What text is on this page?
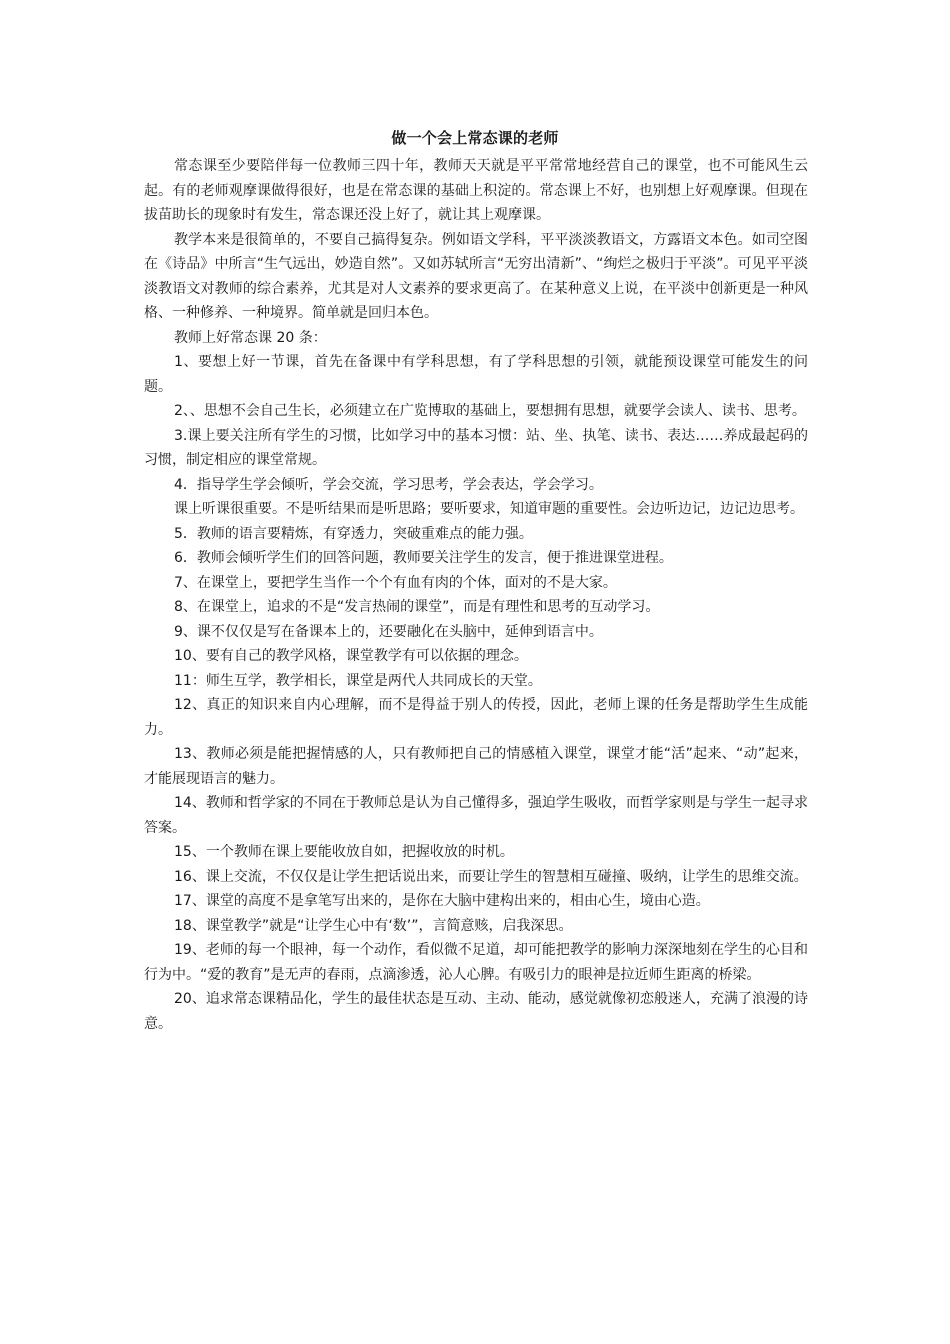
做一个会上常态课的老师

常态课至少要陪伴每一位教师三四十年，教师天天就是平平常常地经营自己的课堂，也不可能风生云起。有的老师观摩课做得很好，也是在常态课的基础上积淀的。常态课上不好，也别想上好观摩课。但现在拔苗助长的现象时有发生，常态课还没上好了，就让其上观摩课。

教学本来是很简单的，不要自己搞得复杂。例如语文学科，平平淡淡教语文，方露语文本色。如司空图在《诗品》中所言“生气远出，妙造自然”。又如苏轼所言“无穷出清新”、“绚烂之极归于平淡”。可见平平淡淡教语文对教师的综合素养，尤其是对人文素养的要求更高了。在某种意义上说，在平淡中创新更是一种风格、一种修养、一种境界。简单就是回归本色。

教师上好常态课 20 条：

1、要想上好一节课，首先在备课中有学科思想，有了学科思想的引领，就能预设课堂可能发生的问题。

2、、思想不会自己生长，必须建立在广览博取的基础上，要想拥有思想，就要学会读人、读书、思考。

3.课上要关注所有学生的习惯，比如学习中的基本习惯：站、坐、执笔、读书、表达……养成最起码的习惯，制定相应的课堂常规。

4．指导学生学会倾听，学会交流，学习思考，学会表达，学会学习。

课上听课很重要。不是听结果而是听思路；要听要求，知道审题的重要性。会边听边记，边记边思考。

5．教师的语言要精炼，有穿透力，突破重难点的能力强。

6．教师会倾听学生们的回答问题，教师要关注学生的发言，便于推进课堂进程。

7、在课堂上，要把学生当作一个个有血有肉的个体，面对的不是大家。

8、在课堂上，追求的不是“发言热闹的课堂”，而是有理性和思考的互动学习。

9、课不仅仅是写在备课本上的，还要融化在头脑中，延伸到语言中。

10、要有自己的教学风格，课堂教学有可以依据的理念。

11：师生互学，教学相长，课堂是两代人共同成长的天堂。

12、真正的知识来自内心理解，而不是得益于别人的传授，因此，老师上课的任务是帮助学生生成能力。

13、教师必须是能把握情感的人，只有教师把自己的情感植入课堂，课堂才能“活”起来、“动”起来，才能展现语言的魅力。

14、教师和哲学家的不同在于教师总是认为自己懂得多，强迫学生吸收，而哲学家则是与学生一起寻求答案。

15、一个教师在课上要能收放自如，把握收放的时机。

16、课上交流，不仅仅是让学生把话说出来，而要让学生的智慧相互碰撞、吸纳，让学生的思维交流。

17、课堂的高度不是拿笔写出来的，是你在大脑中建构出来的，相由心生，境由心造。

18、课堂教学”就是“让学生心中有‘数’”，言简意赅，启我深思。

19、老师的每一个眼神，每一个动作，看似微不足道，却可能把教学的影响力深深地刻在学生的心目和行为中。“爱的教育”是无声的春雨，点滴渗透，沁人心脾。有吸引力的眼神是拉近师生距离的桥梁。

20、追求常态课精品化，学生的最佳状态是互动、主动、能动，感觉就像初恋般迷人，充满了浪漫的诗意。
